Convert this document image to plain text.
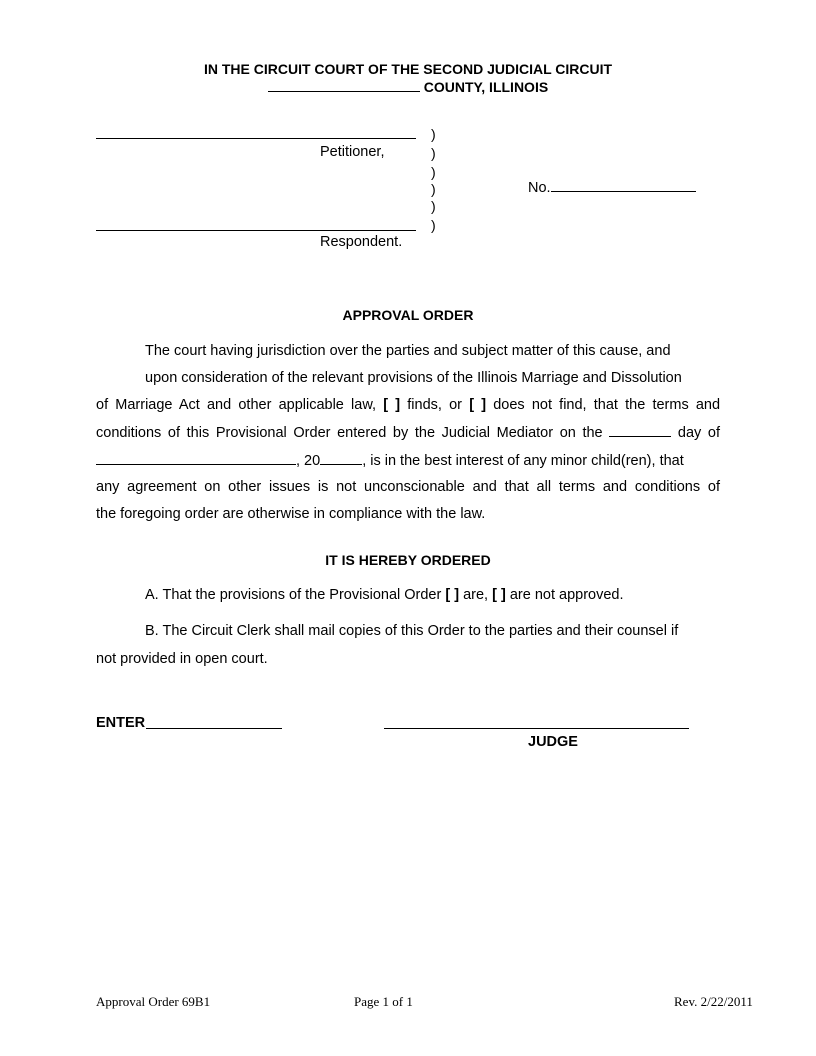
IN THE CIRCUIT COURT OF THE SECOND JUDICIAL CIRCUIT
COUNTY, ILLINOIS
Petitioner,
)
)
)
)
)
)
No.
Respondent.
APPROVAL ORDER
The court having jurisdiction over the parties and subject matter of this cause, and
upon consideration of the relevant provisions of the Illinois Marriage and Dissolution
of Marriage Act and other applicable law, [ ] finds, or [ ] does not find, that the terms and
conditions of this Provisional Order entered by the Judicial Mediator on the	day of
, 20	, is in the best interest of any minor child(ren), that
any agreement on other issues is not unconscionable and that all terms and conditions of
the foregoing order are otherwise in compliance with the law.
IT IS HEREBY ORDERED
A. That the provisions of the Provisional Order [ ] are, [ ] are not approved.
B. The Circuit Clerk shall mail copies of this Order to the parties and their counsel if
not provided in open court.
ENTER
JUDGE
Approval Order 69B1	Page 1 of 1	Rev. 2/22/2011
